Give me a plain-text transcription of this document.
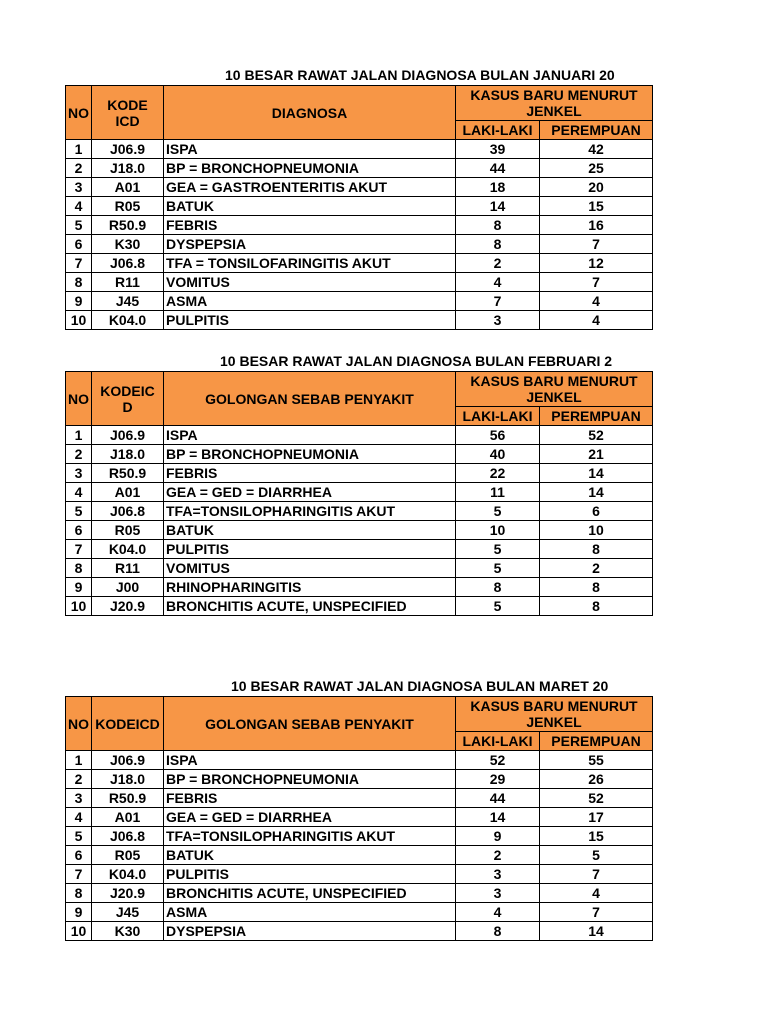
10 BESAR RAWAT JALAN DIAGNOSA BULAN JANUARI 20
NO	KODE ICD	DIAGNOSA	KASUS BARU MENURUT JENKEL	
			LAKI-LAKI	PEREMPUAN
1	J06.9	ISPA	39	42
2	J18.0	BP = BRONCHOPNEUMONIA	44	25
3	A01	GEA = GASTROENTERITIS AKUT	18	20
4	R05	BATUK	14	15
5	R50.9	FEBRIS	8	16
6	K30	DYSPEPSIA	8	7
7	J06.8	TFA = TONSILOFARINGITIS AKUT	2	12
8	R11	VOMITUS	4	7
9	J45	ASMA	7	4
10	K04.0	PULPITIS	3	4
10 BESAR RAWAT JALAN DIAGNOSA BULAN FEBRUARI 2
NO	KODEIC D	GOLONGAN SEBAB PENYAKIT	KASUS BARU MENURUT JENKEL	
			LAKI-LAKI	PEREMPUAN
1	J06.9	ISPA	56	52
2	J18.0	BP = BRONCHOPNEUMONIA	40	21
3	R50.9	FEBRIS	22	14
4	A01	GEA = GED = DIARRHEA	11	14
5	J06.8	TFA=TONSILOPHARINGITIS AKUT	5	6
6	R05	BATUK	10	10
7	K04.0	PULPITIS	5	8
8	R11	VOMITUS	5	2
9	J00	RHINOPHARINGITIS	8	8
10	J20.9	BRONCHITIS ACUTE, UNSPECIFIED	5	8
10 BESAR RAWAT JALAN DIAGNOSA BULAN MARET 20
NO	KODEICD	GOLONGAN SEBAB PENYAKIT	KASUS BARU MENURUT JENKEL	
			LAKI-LAKI	PEREMPUAN
1	J06.9	ISPA	52	55
2	J18.0	BP = BRONCHOPNEUMONIA	29	26
3	R50.9	FEBRIS	44	52
4	A01	GEA = GED = DIARRHEA	14	17
5	J06.8	TFA=TONSILOPHARINGITIS AKUT	9	15
6	R05	BATUK	2	5
7	K04.0	PULPITIS	3	7
8	J20.9	BRONCHITIS ACUTE, UNSPECIFIED	3	4
9	J45	ASMA	4	7
10	K30	DYSPEPSIA	8	14
